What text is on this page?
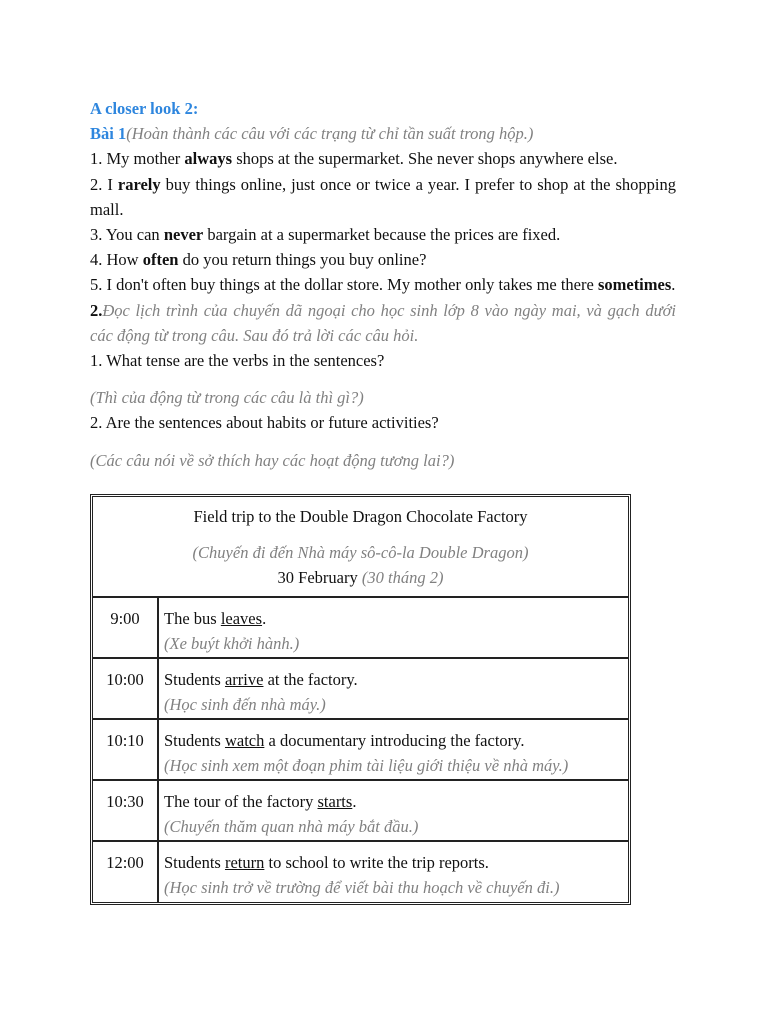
A closer look 2:
Bài 1(Hoàn thành các câu với các trạng từ chỉ tần suất trong hộp.)
1. My mother always shops at the supermarket. She never shops anywhere else.
2. I rarely buy things online, just once or twice a year. I prefer to shop at the shopping mall.
3. You can never bargain at a supermarket because the prices are fixed.
4. How often do you return things you buy online?
5. I don't often buy things at the dollar store. My mother only takes me there sometimes.
2.Đọc lịch trình của chuyến dã ngoại cho học sinh lớp 8 vào ngày mai, và gạch dưới các động từ trong câu. Sau đó trả lời các câu hỏi.
1. What tense are the verbs in the sentences?
(Thì của động từ trong các câu là thì gì?)
2. Are the sentences about habits or future activities?
(Các câu nói về sở thích hay các hoạt động tương lai?)
Field trip to the Double Dragon Chocolate Factory
(Chuyến đi đến Nhà máy sô-cô-la Double Dragon)
30 February (30 tháng 2)
9:00	The bus leaves.
(Xe buýt khởi hành.)
10:00	Students arrive at the factory.
(Học sinh đến nhà máy.)
10:10	Students watch a documentary introducing the factory.
(Học sinh xem một đoạn phim tài liệu giới thiệu về nhà máy.)
10:30	The tour of the factory starts.
(Chuyến thăm quan nhà máy bắt đầu.)
12:00	Students return to school to write the trip reports.
(Học sinh trở về trường để viết bài thu hoạch về chuyến đi.)
